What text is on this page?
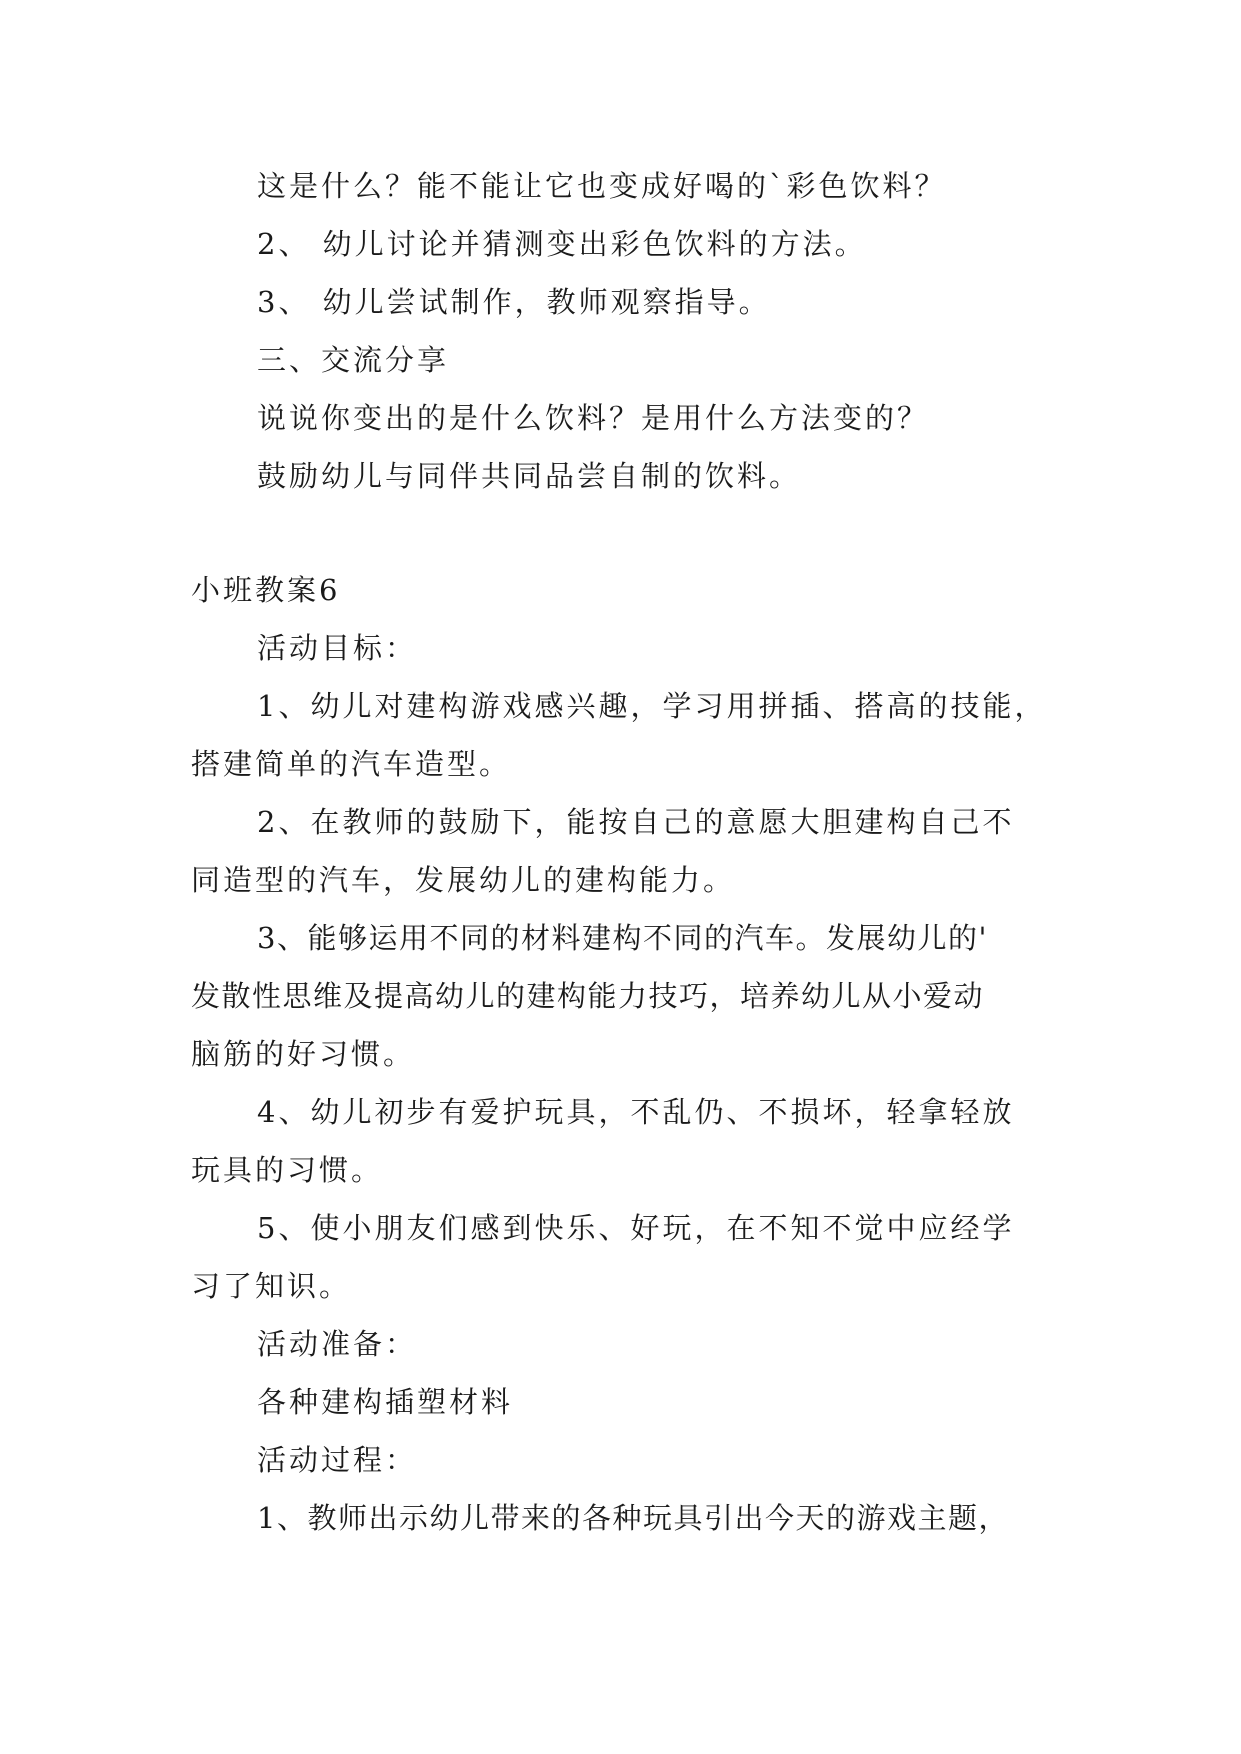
这是什么？能不能让它也变成好喝的`彩色饮料？
2、 幼儿讨论并猜测变出彩色饮料的方法。
3、 幼儿尝试制作，教师观察指导。
三、交流分享
说说你变出的是什么饮料？是用什么方法变的？
鼓励幼儿与同伴共同品尝自制的饮料。
小班教案6
活动目标：
1、幼儿对建构游戏感兴趣，学习用拼插、搭高的技能，
搭建简单的汽车造型。
2、在教师的鼓励下，能按自己的意愿大胆建构自己不
同造型的汽车，发展幼儿的建构能力。
3、能够运用不同的材料建构不同的汽车。发展幼儿的'
发散性思维及提高幼儿的建构能力技巧，培养幼儿从小爱动
脑筋的好习惯。
4、幼儿初步有爱护玩具，不乱仍、不损坏，轻拿轻放
玩具的习惯。
5、使小朋友们感到快乐、好玩，在不知不觉中应经学
习了知识。
活动准备：
各种建构插塑材料
活动过程：
1、教师出示幼儿带来的各种玩具引出今天的游戏主题，
